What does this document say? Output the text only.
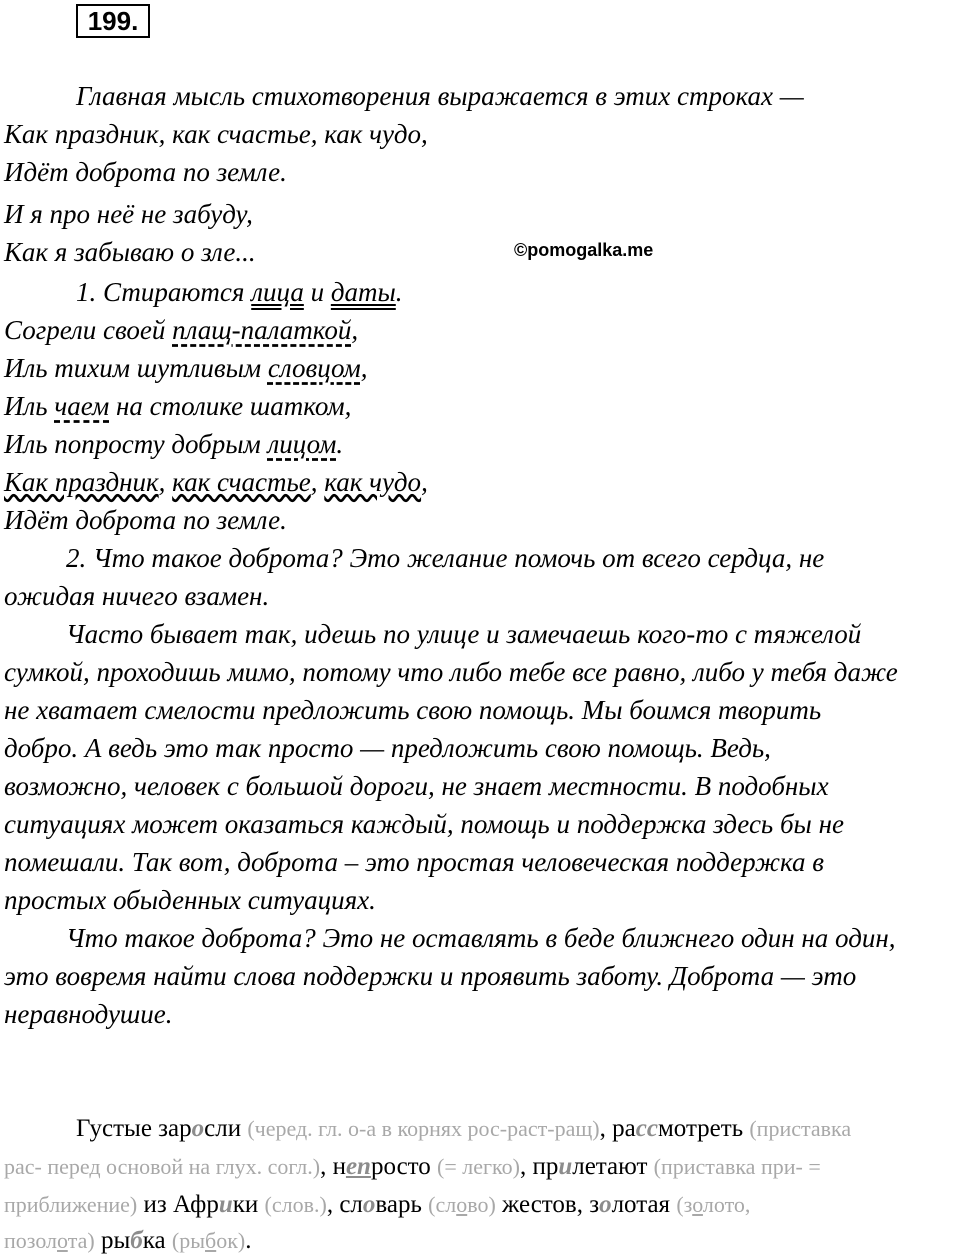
199.
©pomogalka.me
Главная мысль стихотворения выражается в этих строках —
Как праздник, как счастье, как чудо,
Идёт доброта по земле.
И я про неё не забуду,
Как я забываю о зле...
1. Стираются лица и даты.
Согрели своей плащ-палаткой,
Иль тихим шутливым словцом,
Иль чаем на столике шатком,
Иль попросту добрым лицом.
Как праздник, как счастье, как чудо,
Идёт доброта по земле.
2. Что такое доброта? Это желание помочь от всего сердца, не
ожидая ничего взамен.
Часто бывает так, идешь по улице и замечаешь кого-то с тяжелой
сумкой, проходишь мимо, потому что либо тебе все равно, либо у тебя даже
не хватает смелости предложить свою помощь. Мы боимся творить
добро. А ведь это так просто — предложить свою помощь. Ведь,
возможно, человек с большой дороги, не знает местности. В подобных
ситуациях может оказаться каждый, помощь и поддержка здесь бы не
помешали. Так вот, доброта – это простая человеческая поддержка в
простых обыденных ситуациях.
Что такое доброта? Это не оставлять в беде ближнего один на один,
это вовремя найти слова поддержки и проявить заботу. Доброта — это
неравнодушие.
Густые заросли (черед. гл. о-а в корнях рос-раст-ращ), рассмотреть (приставка
рас- перед основой на глух. согл.), непросто (= легко), прилетают (приставка при- =
приближение) из Африки (слов.), словарь (слово) жестов, золотая (золото,
позолота) рыбка (рыбок).
